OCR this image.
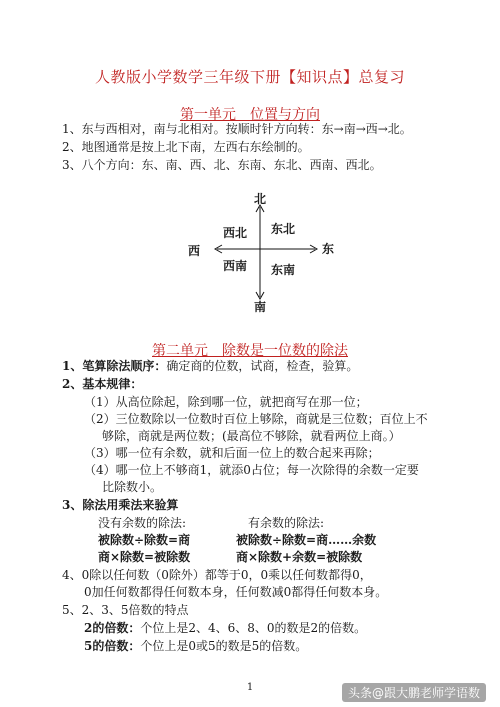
人教版小学数学三年级下册【知识点】总复习
第一单元　位置与方向
1、东与西相对，南与北相对。按顺时针方向转：东→南→西→北。
2、地图通常是按上北下南，左西右东绘制的。
3、八个方向：东、南、西、北、东南、东北、西南、西北。
北
南
东
西
西北 东北
西南 东南
第二单元　除数是一位数的除法
1、笔算除法顺序：确定商的位数，试商，检查，验算。
2、基本规律：
（1）从高位除起，除到哪一位，就把商写在那一位；
（2）三位数除以一位数时百位上够除，商就是三位数；百位上不
够除，商就是两位数；(最高位不够除，就看两位上商。）
（3）哪一位有余数，就和后面一位上的数合起来再除；
（4）哪一位上不够商1，就添0占位；每一次除得的余数一定要
比除数小。
3、除法用乘法来验算
没有余数的除法:	有余数的除法:
被除数÷除数=商	被除数÷除数=商……余数
商×除数=被除数	商×除数+余数=被除数
4、0除以任何数（0除外）都等于0，0乘以任何数都得0，
0加任何数都得任何数本身，任何数减0都得任何数本身。
5、2、3、5倍数的特点
2的倍数：个位上是2、4、6、8、0的数是2的倍数。
5的倍数：个位上是0或5的数是5的倍数。
1	头条@跟大鹏老师学语数
